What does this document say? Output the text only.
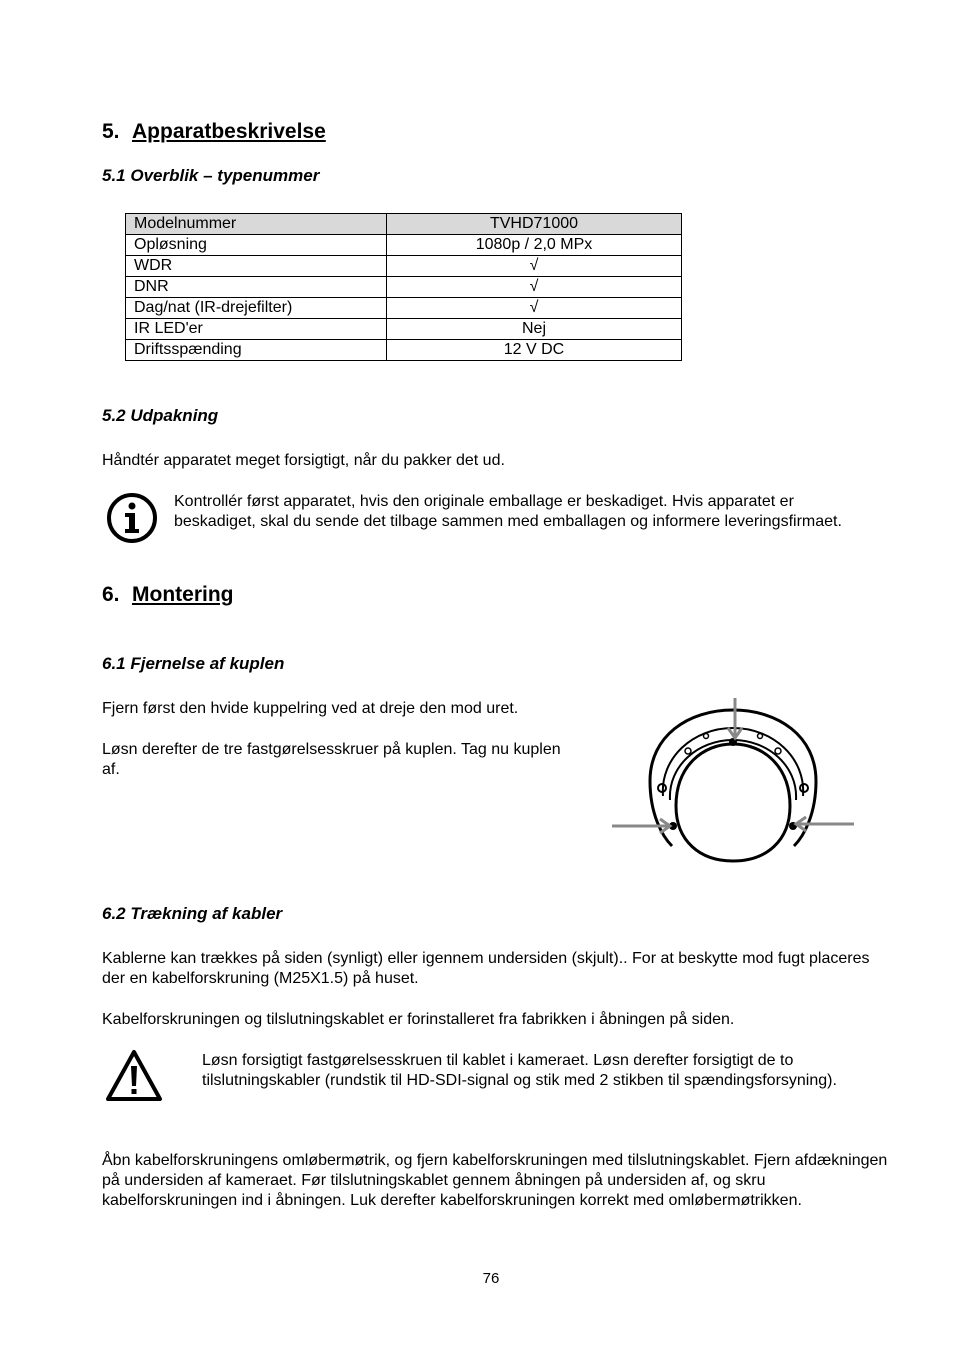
5. Apparatbeskrivelse
5.1 Overblik – typenummer
Modelnummer	TVHD71000
Opløsning	1080p / 2,0 MPx
WDR	√
DNR	√
Dag/nat (IR-drejefilter)	√
IR LED'er	Nej
Driftsspænding	12 V DC
5.2 Udpakning
Håndtér apparatet meget forsigtigt, når du pakker det ud.
Kontrollér først apparatet, hvis den originale emballage er beskadiget. Hvis apparatet er beskadiget, skal du sende det tilbage sammen med emballagen og informere leveringsfirmaet.
6. Montering
6.1 Fjernelse af kuplen
Fjern først den hvide kuppelring ved at dreje den mod uret.
Løsn derefter de tre fastgørelsesskruer på kuplen. Tag nu kuplen af.
6.2 Trækning af kabler
Kablerne kan trækkes på siden (synligt) eller igennem undersiden (skjult).. For at beskytte mod fugt placeres der en kabelforskruning (M25X1.5) på huset.
Kabelforskruningen og tilslutningskablet er forinstalleret fra fabrikken i åbningen på siden.
Løsn forsigtigt fastgørelsesskruen til kablet i kameraet. Løsn derefter forsigtigt de to tilslutningskabler (rundstik til HD-SDI-signal og stik med 2 stikben til spændingsforsyning).
Åbn kabelforskruningens omløbermøtrik, og fjern kabelforskruningen med tilslutningskablet. Fjern afdækningen på undersiden af kameraet. Før tilslutningskablet gennem åbningen på undersiden af, og skru kabelforskruningen ind i åbningen. Luk derefter kabelforskruningen korrekt med omløbermøtrikken.
76
